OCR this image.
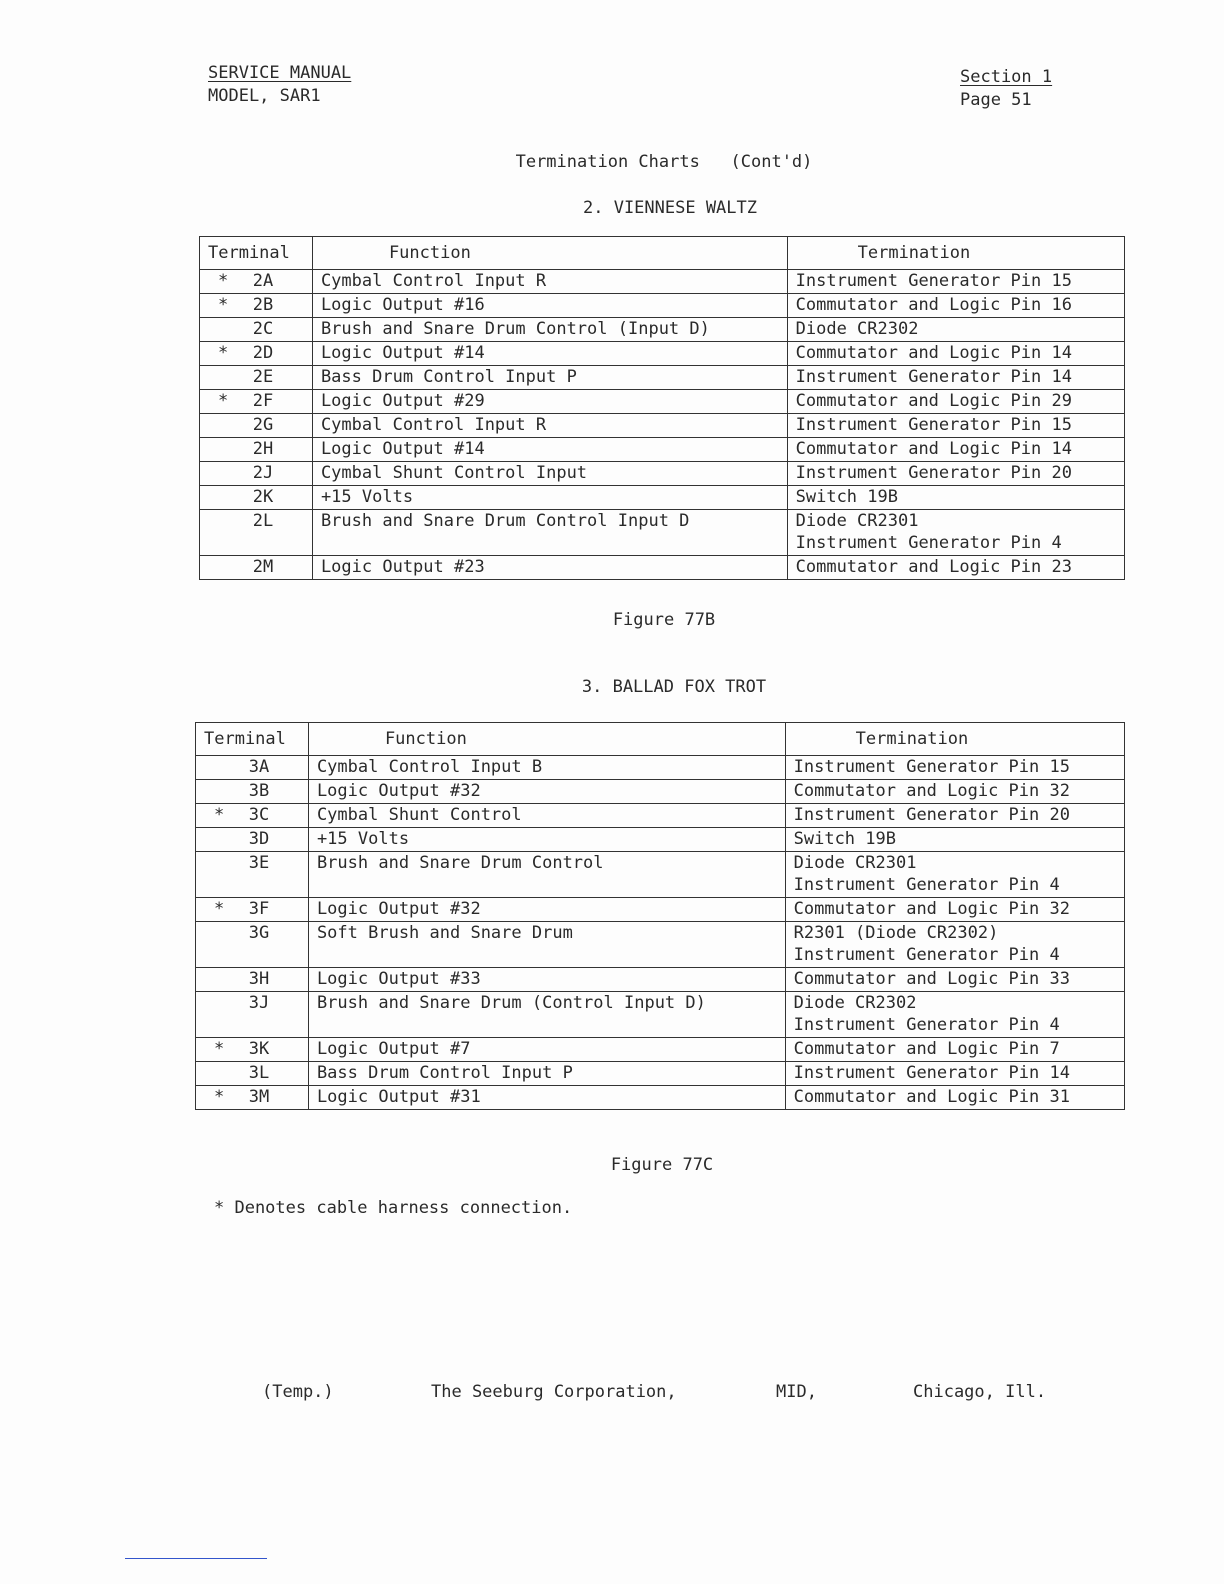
SERVICE MANUAL
MODEL, SAR1
Section 1
Page 51
Termination Charts   (Cont'd)
2. VIENNESE WALTZ
Terminal	Function	Termination

* 2A	Cymbal Control Input R	Instrument Generator Pin 15

* 2B	Logic Output #16	Commutator and Logic Pin 16

2C	Brush and Snare Drum Control (Input D)	Diode CR2302

* 2D	Logic Output #14	Commutator and Logic Pin 14

2E	Bass Drum Control Input P	Instrument Generator Pin 14

* 2F	Logic Output #29	Commutator and Logic Pin 29

2G	Cymbal Control Input R	Instrument Generator Pin 15

2H	Logic Output #14	Commutator and Logic Pin 14

2J	Cymbal Shunt Control Input	Instrument Generator Pin 20

2K	+15 Volts	Switch 19B

2L	Brush and Snare Drum Control Input D	Diode CR2301
Instrument Generator Pin 4

2M	Logic Output #23	Commutator and Logic Pin 23
Figure 77B
3. BALLAD FOX TROT
Terminal	Function	Termination

3A	Cymbal Control Input B	Instrument Generator Pin 15

3B	Logic Output #32	Commutator and Logic Pin 32

* 3C	Cymbal Shunt Control	Instrument Generator Pin 20

3D	+15 Volts	Switch 19B

3E	Brush and Snare Drum Control	Diode CR2301
Instrument Generator Pin 4

* 3F	Logic Output #32	Commutator and Logic Pin 32

3G	Soft Brush and Snare Drum	R2301 (Diode CR2302)
Instrument Generator Pin 4

3H	Logic Output #33	Commutator and Logic Pin 33

3J	Brush and Snare Drum (Control Input D)	Diode CR2302
Instrument Generator Pin 4

* 3K	Logic Output #7	Commutator and Logic Pin 7

3L	Bass Drum Control Input P	Instrument Generator Pin 14

* 3M	Logic Output #31	Commutator and Logic Pin 31
Figure 77C
* Denotes cable harness connection.
(Temp.)	The Seeburg Corporation,	MID,	Chicago, Ill.
